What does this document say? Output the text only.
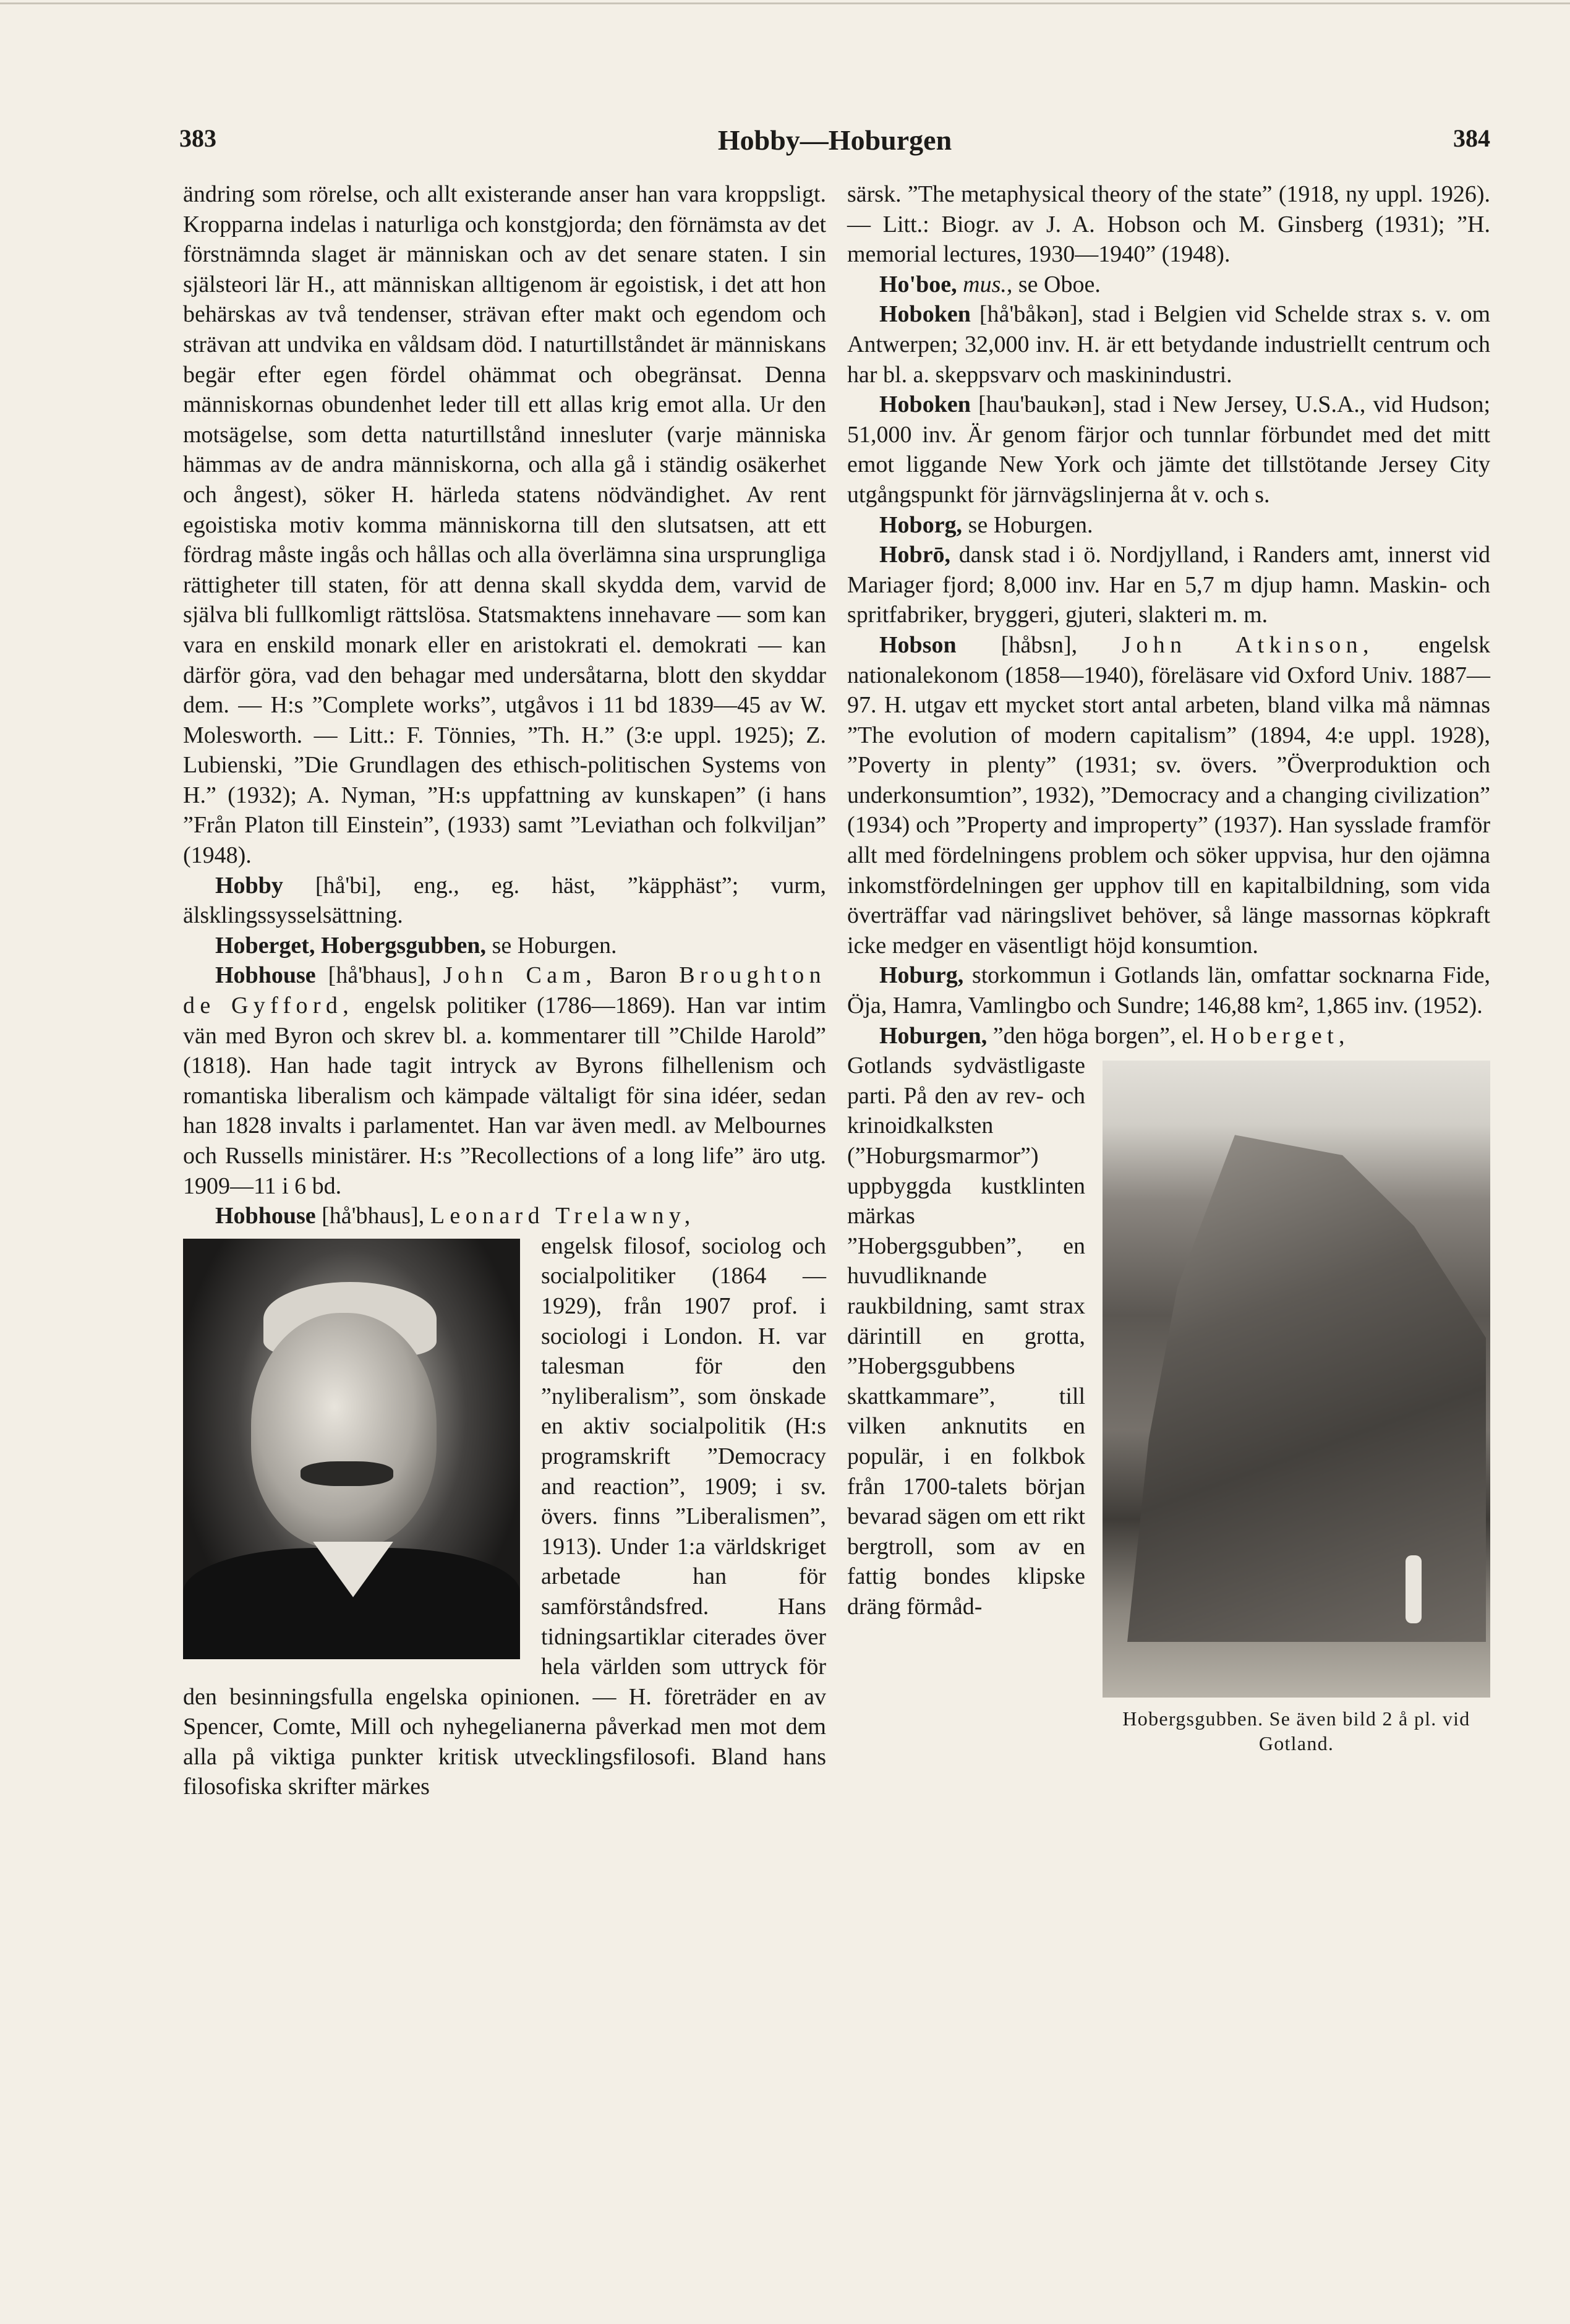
383	Hobby—Hoburgen	384

ändring som rörelse, och allt existerande anser han vara kroppsligt. Kropparna indelas i naturliga och konstgjorda; den förnämsta av det förstnämnda slaget är människan och av det senare staten. I sin själsteori lär H., att människan alltigenom är egoistisk, i det att hon behärskas av två tendenser, strävan efter makt och egendom och strävan att undvika en våldsam död. I naturtillståndet är människans begär efter egen fördel ohämmat och obegränsat. Denna människornas obundenhet leder till ett allas krig emot alla. Ur den motsägelse, som detta naturtillstånd innesluter (varje människa hämmas av de andra människorna, och alla gå i ständig osäkerhet och ångest), söker H. härleda statens nödvändighet. Av rent egoistiska motiv komma människorna till den slutsatsen, att ett fördrag måste ingås och hållas och alla överlämna sina ursprungliga rättigheter till staten, för att denna skall skydda dem, varvid de själva bli fullkomligt rättslösa. Statsmaktens innehavare — som kan vara en enskild monark eller en aristokrati el. demokrati — kan därför göra, vad den behagar med undersåtarna, blott den skyddar dem. — H:s ”Complete works”, utgåvos i 11 bd 1839—45 av W. Molesworth. — Litt.: F. Tönnies, ”Th. H.” (3:e uppl. 1925); Z. Lubienski, ”Die Grundlagen des ethisch-politischen Systems von H.” (1932); A. Nyman, ”H:s uppfattning av kunskapen” (i hans ”Från Platon till Einstein”, (1933) samt ”Leviathan och folkviljan” (1948).

Hobby [hå'bi], eng., eg. häst, ”käpphäst”; vurm, älsklingssysselsättning.

Hoberget, Hobergsgubben, se Hoburgen.

Hobhouse [hå'bhaus], John Cam, Baron Broughton de Gyfford, engelsk politiker (1786—1869). Han var intim vän med Byron och skrev bl. a. kommentarer till ”Childe Harold” (1818). Han hade tagit intryck av Byrons filhellenism och romantiska liberalism och kämpade vältaligt för sina idéer, sedan han 1828 invalts i parlamentet. Han var även medl. av Melbournes och Russells ministärer. H:s ”Recollections of a long life” äro utg. 1909—11 i 6 bd.

Hobhouse [hå'bhaus], Leonard Trelawny,

engelsk filosof, sociolog och socialpolitiker (1864 —1929), från 1907 prof. i sociologi i London. H. var talesman för den ”nyliberalism”, som önskade en aktiv socialpolitik (H:s programskrift ”Democracy and reaction”, 1909; i sv. övers. finns ”Liberalismen”, 1913). Under 1:a världskriget arbetade han för samförståndsfred. Hans tidningsartiklar citerades över hela världen som uttryck för den besinningsfulla engelska opinionen. — H. företräder en av Spencer, Comte, Mill och nyhegelianerna påverkad men mot dem alla på viktiga punkter kritisk utvecklingsfilosofi. Bland hans filosofiska skrifter märkes

särsk. ”The metaphysical theory of the state” (1918, ny uppl. 1926). — Litt.: Biogr. av J. A. Hobson och M. Ginsberg (1931); ”H. memorial lectures, 1930—1940” (1948).

Ho'boe, mus., se Oboe.

Hoboken [hå'båkən], stad i Belgien vid Schelde strax s. v. om Antwerpen; 32,000 inv. H. är ett betydande industriellt centrum och har bl. a. skeppsvarv och maskinindustri.

Hoboken [hau'baukən], stad i New Jersey, U.S.A., vid Hudson; 51,000 inv. Är genom färjor och tunnlar förbundet med det mitt emot liggande New York och jämte det tillstötande Jersey City utgångspunkt för järnvägslinjerna åt v. och s.

Hoborg, se Hoburgen.

Hobrō, dansk stad i ö. Nordjylland, i Randers amt, innerst vid Mariager fjord; 8,000 inv. Har en 5,7 m djup hamn. Maskin- och spritfabriker, bryggeri, gjuteri, slakteri m. m.

Hobson [håbsn], John Atkinson, engelsk nationalekonom (1858—1940), föreläsare vid Oxford Univ. 1887—97. H. utgav ett mycket stort antal arbeten, bland vilka må nämnas ”The evolution of modern capitalism” (1894, 4:e uppl. 1928), ”Poverty in plenty” (1931; sv. övers. ”Överproduktion och underkonsumtion”, 1932), ”Democracy and a changing civilization” (1934) och ”Property and improperty” (1937). Han sysslade framför allt med fördelningens problem och söker uppvisa, hur den ojämna inkomstfördelningen ger upphov till en kapitalbildning, som vida överträffar vad näringslivet behöver, så länge massornas köpkraft icke medger en väsentligt höjd konsumtion.

Hoburg, storkommun i Gotlands län, omfattar socknarna Fide, Öja, Hamra, Vamlingbo och Sundre; 146,88 km², 1,865 inv. (1952).

Hoburgen, ”den höga borgen”, el. Hoberget,

Hobergsgubben. Se även bild 2 å pl. vid Gotland.

Gotlands sydvästligaste parti. På den av rev- och krinoidkalksten (”Hoburgsmarmor”) uppbyggda kustklinten märkas ”Hobergsgubben”, en huvudliknande raukbildning, samt strax därintill en grotta, ”Hobergsgubbens skattkammare”, till vilken anknutits en populär, i en folkbok från 1700-talets början bevarad sägen om ett rikt bergtroll, som av en fattig bondes klipske dräng förmåd-
